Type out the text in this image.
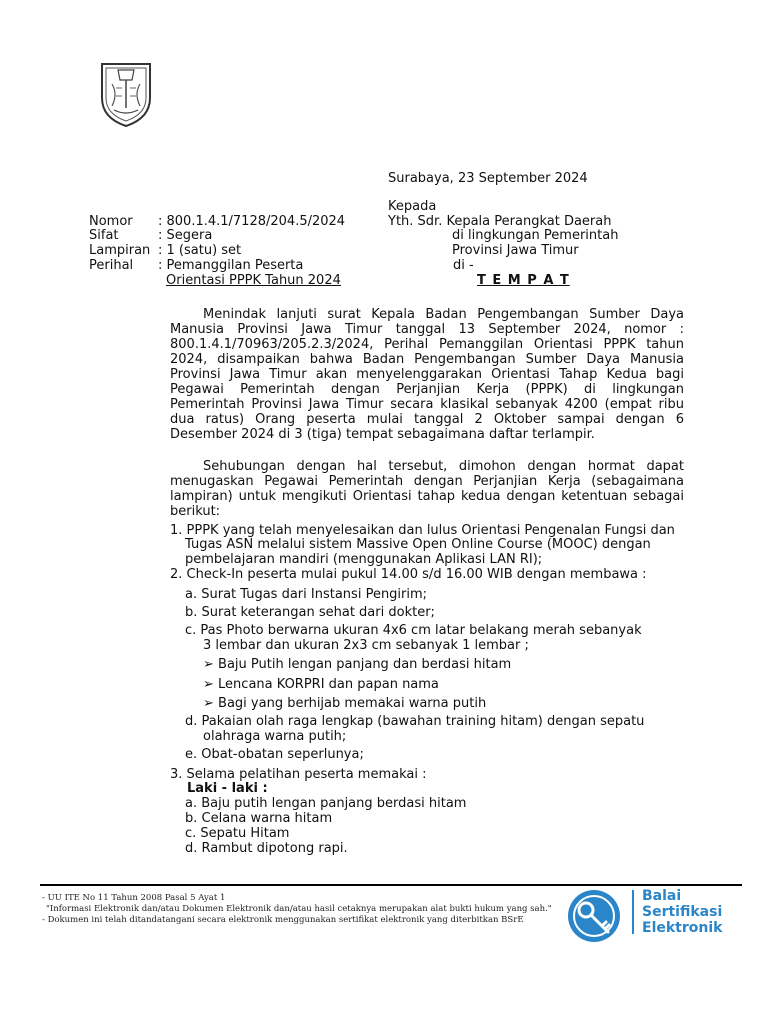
Surabaya, 23 September 2024
Kepada
Yth. Sdr. Kepala Perangkat Daerah
di lingkungan Pemerintah
Provinsi Jawa Timur
di -
T E M P A T
Nomor : 800.1.4.1/7128/204.5/2024
Sifat	: Segera
Lampiran : 1 (satu) set
Perihal : Pemanggilan Peserta
Orientasi PPPK Tahun 2024
Menindak lanjuti surat Kepala Badan Pengembangan Sumber Daya
Manusia Provinsi Jawa Timur tanggal 13 September 2024, nomor :
800.1.4.1/70963/205.2.3/2024, Perihal Pemanggilan Orientasi PPPK tahun
2024, disampaikan bahwa Badan Pengembangan Sumber Daya Manusia
Provinsi Jawa Timur akan menyelenggarakan Orientasi Tahap Kedua bagi
Pegawai Pemerintah dengan Perjanjian Kerja (PPPK) di lingkungan
Pemerintah Provinsi Jawa Timur secara klasikal sebanyak 4200 (empat ribu
dua ratus) Orang peserta mulai tanggal 2 Oktober sampai dengan 6
Desember 2024 di 3 (tiga) tempat sebagaimana daftar terlampir.
Sehubungan dengan hal tersebut, dimohon dengan hormat dapat
menugaskan Pegawai Pemerintah dengan Perjanjian Kerja (sebagaimana
lampiran) untuk mengikuti Orientasi tahap kedua dengan ketentuan sebagai
berikut:
1. PPPK yang telah menyelesaikan dan lulus Orientasi Pengenalan Fungsi dan
Tugas ASN melalui sistem Massive Open Online Course (MOOC) dengan
pembelajaran mandiri (menggunakan Aplikasi LAN RI);
2. Check-In peserta mulai pukul 14.00 s/d 16.00 WIB dengan membawa :
a. Surat Tugas dari Instansi Pengirim;
b. Surat keterangan sehat dari dokter;
c. Pas Photo berwarna ukuran 4x6 cm latar belakang merah sebanyak
3 lembar dan ukuran 2x3 cm sebanyak 1 lembar ;
➢ Baju Putih lengan panjang dan berdasi hitam
➢ Lencana KORPRI dan papan nama
➢ Bagi yang berhijab memakai warna putih
d. Pakaian olah raga lengkap (bawahan training hitam) dengan sepatu
olahraga warna putih;
e. Obat-obatan seperlunya;
3. Selama pelatihan peserta memakai :
Laki - laki :
a. Baju putih lengan panjang berdasi hitam
b. Celana warna hitam
c. Sepatu Hitam
d. Rambut dipotong rapi.
- UU ITE No 11 Tahun 2008 Pasal 5 Ayat 1
"Informasi Elektronik dan/atau Dokumen Elektronik dan/atau hasil cetaknya merupakan alat bukti hukum yang sah."
- Dokumen ini telah ditandatangani secara elektronik menggunakan sertifikat elektronik yang diterbitkan BSrE
Balai
Sertifikasi
Elektronik
